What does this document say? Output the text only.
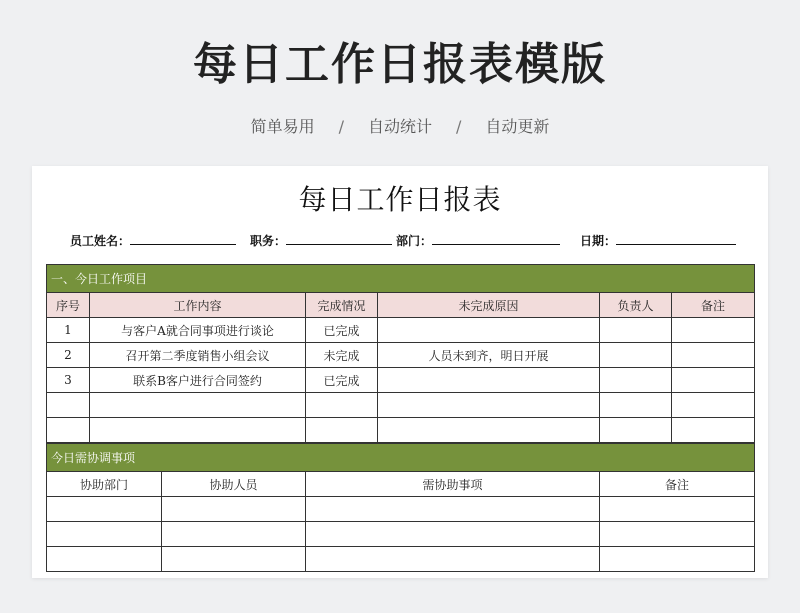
每日工作日报表模版
简单易用 / 自动统计 / 自动更新
每日工作日报表
员工姓名：	职务：	部门：	日期：
一、今日工作项目					
序号	工作内容	完成情况	未完成原因	负责人	备注
1	与客户A就合同事项进行谈论	已完成			
2	召开第二季度销售小组会议	未完成	人员未到齐，明日开展		
3	联系B客户进行合同签约	已完成			

今日需协调事项			
协助部门	协助人员	需协助事项	备注
